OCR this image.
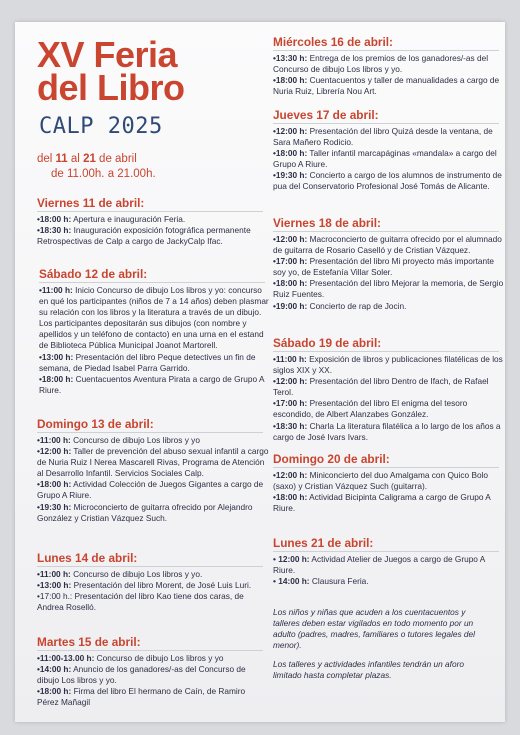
XV Feria
del Libro

CALP 2025

del 11 al 21 de abril

de 11.00h. a 21.00h.

Viernes 11 de abril:

•18:00 h: Apertura e inauguración Feria.

•18:30 h: Inauguración exposición fotográfica permanente Retrospectivas de Calp a cargo de JackyCalp Ifac.

Sábado 12 de abril:

•11:00 h: Inicio Concurso de dibujo Los libros y yo: concurso en qué los participantes (niños de 7 a 14 años) deben plasmar su relación con los libros y la literatura a través de un dibujo. Los participantes depositarán sus dibujos (con nombre y apellidos y un teléfono de contacto) en una urna en el estand de Biblioteca Pública Municipal Joanot Martorell.

•13:00 h: Presentación del libro Peque detectives un fin de semana, de Piedad Isabel Parra Garrido.

•18:00 h: Cuentacuentos Aventura Pirata a cargo de Grupo A Riure.

Domingo 13 de abril:

•11:00 h: Concurso de dibujo Los libros y yo

•12:00 h: Taller de prevención del abuso sexual infantil a cargo de Nuria Ruiz I Nerea Mascarell Rivas, Programa de Atención al Desarrollo Infantil. Servicios Sociales Calp.

•18:00 h: Actividad Colección de Juegos Gigantes a cargo de Grupo A Riure.

•19:30 h: Microconcierto de guitarra ofrecido por Alejandro González y Cristian Vázquez Such.

Lunes 14 de abril:

•11:00 h: Concurso de dibujo Los libros y yo.

•13:00 h: Presentación del libro Morent, de José Luis Luri.

•17:00 h.: Presentación del libro Kao tiene dos caras, de Andrea Roselló.

Martes 15 de abril:

•11:00-13.00 h: Concurso de dibujo Los libros y yo

•14:00 h: Anuncio de los ganadores/-as del Concurso de dibujo Los libros y yo.

•18:00 h: Firma del libro El hermano de Caín, de Ramiro Pérez Mañagil

Miércoles 16 de abril:

•13:30 h: Entrega de los premios de los ganadores/-as del Concurso de dibujo Los libros y yo.

•18:00 h: Cuentacuentos y taller de manualidades a cargo de Nuria Ruiz, Librería Nou Art.

Jueves 17 de abril:

•12:00 h: Presentación del libro Quizá desde la ventana, de Sara Mañero Rodicio.

•18:00 h: Taller infantil marcapáginas «mandala» a cargo del Grupo A Riure.

•19:30 h: Concierto a cargo de los alumnos de instrumento de pua del Conservatorio Profesional José Tomás de Alicante.

Viernes 18 de abril:

•12:00 h: Macroconcierto de guitarra ofrecido por el alumnado de guitarra de Rosario Caselló y de Cristian Vázquez.

•17:00 h: Presentación del libro Mi proyecto más importante soy yo, de Estefanía Villar Soler.

•18:00 h: Presentación del libro Mejorar la memoria, de Sergio Ruiz Fuentes.

•19:00 h: Concierto de rap de Jocin.

Sábado 19 de abril:

•11:00 h: Exposición de libros y publicaciones filatélicas de los siglos XIX y XX.

•12:00 h: Presentación del libro Dentro de Ifach, de Rafael Terol.

•17:00 h: Presentación del libro El enigma del tesoro escondido, de Albert Alanzabes González.

•18:30 h: Charla La literatura filatélica a lo largo de los años a cargo de José Ivars Ivars.

Domingo 20 de abril:

•12:00 h: Miniconcierto del duo Amalgama con Quico Bolo (saxo) y Cristian Vázquez Such (guitarra).

•18:00 h: Actividad Bicipinta Caligrama a cargo de Grupo A Riure.

Lunes 21 de abril:

• 12:00 h: Actividad Atelier de Juegos a cargo de Grupo A Riure.

• 14:00 h: Clausura Feria.

Los niños y niñas que acuden a los cuentacuentos y talleres deben estar vigilados en todo momento por un adulto (padres, madres, familiares o tutores legales del menor).

Los talleres y actividades infantiles tendrán un aforo limitado hasta completar plazas.
